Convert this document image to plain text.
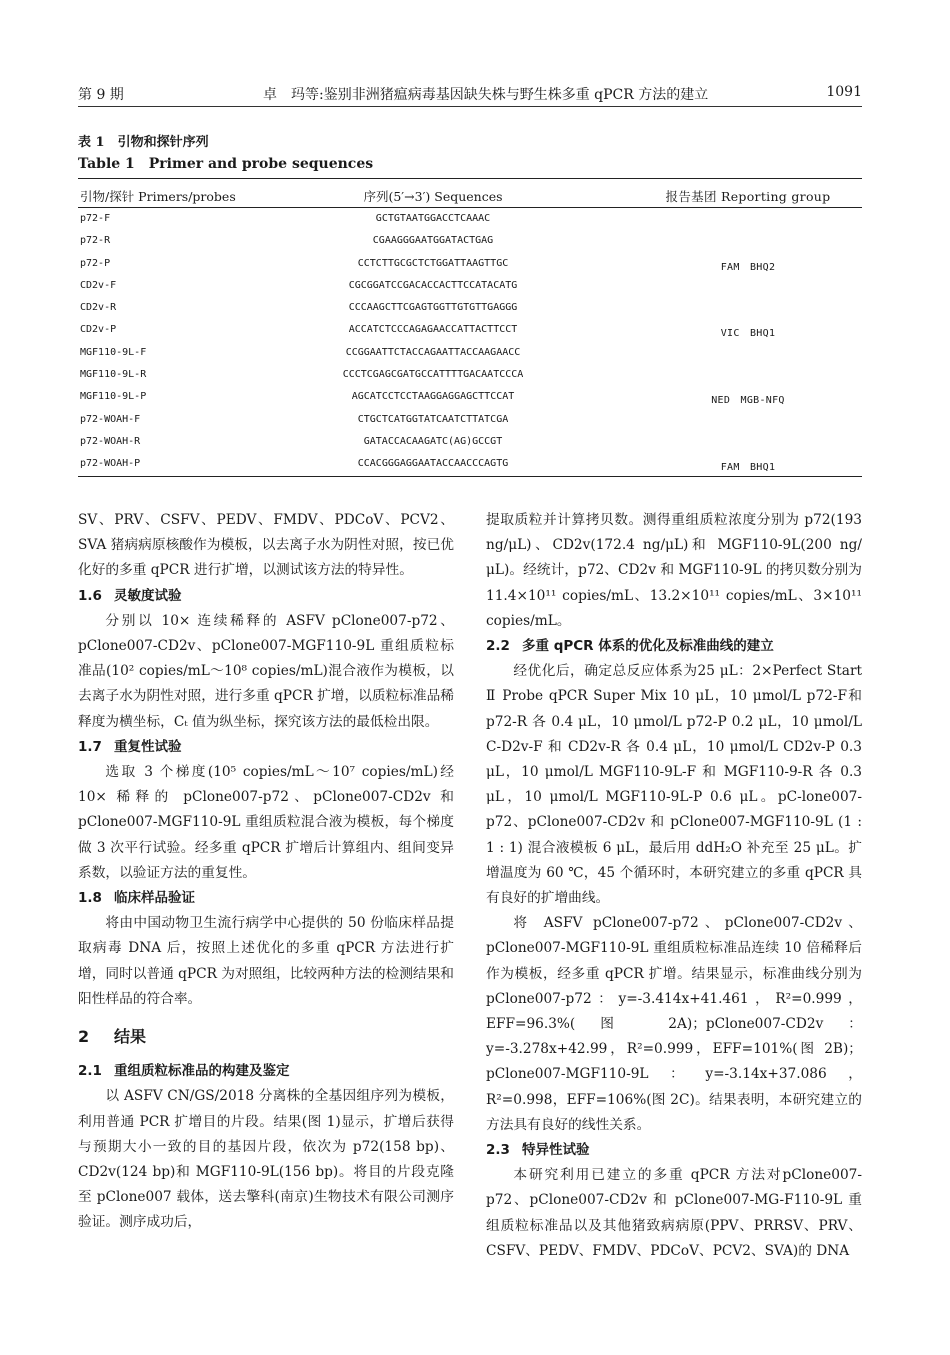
第 9 期	卓　玛等:鉴别非洲猪瘟病毒基因缺失株与野生株多重 qPCR 方法的建立	1091
表 1　引物和探针序列
Table 1　Primer and probe sequences
引物/探针 Primers/probes	序列(5′→3′) Sequences	报告基团 Reporting group
p72-F	GCTGTAATGGACCTCAAAC
p72-R	CGAAGGGAATGGATACTGAG
p72-P	CCTCTTGCGCTCTGGATTAAGTTGC	FAM　BHQ2
CD2v-F	CGCGGATCCGACACCACTTCCATACATG
CD2v-R	CCCAAGCTTCGAGTGGTTGTGTTGAGGG
CD2v-P	ACCATCTCCCAGAGAACCATTACTTCCT	VIC　BHQ1
MGF110-9L-F	CCGGAATTCTACCAGAATTACCAAGAACC
MGF110-9L-R	CCCTCGAGCGATGCCATTTTGACAATCCCA
MGF110-9L-P	AGCATCCTCCTAAGGAGGAGCTTCCAT	NED　MGB-NFQ
p72-WOAH-F	CTGCTCATGGTATCAATCTTATCGA
p72-WOAH-R	GATACCACAAGATC(AG)GCCGT
p72-WOAH-P	CCACGGGAGGAATACCAACCCAGTG	FAM　BHQ1

SV、PRV、CSFV、PEDV、FMDV、PDCoV、PCV2、SVA 猪病病原核酸作为模板，以去离子水为阴性对照，按已优化好的多重 qPCR 进行扩增，以测试该方法的特异性。

1.6 灵敏度试验

分别以 10× 连续稀释的 ASFV pClone007-p72、pClone007-CD2v、pClone007-MGF110-9L 重组质粒标准品(10² copies/mL～10⁸ copies/mL)混合液作为模板，以去离子水为阴性对照，进行多重 qPCR 扩增，以质粒标准品稀释度为横坐标，Cₜ 值为纵坐标，探究该方法的最低检出限。

1.7 重复性试验

选取 3 个梯度(10⁵ copies/mL～10⁷ copies/mL)经 10× 稀释的 pClone007-p72、pClone007-CD2v 和 pClone007-MGF110-9L 重组质粒混合液为模板，每个梯度做 3 次平行试验。经多重 qPCR 扩增后计算组内、组间变异系数，以验证方法的重复性。

1.8 临床样品验证

将由中国动物卫生流行病学中心提供的 50 份临床样品提取病毒 DNA 后，按照上述优化的多重 qPCR 方法进行扩增，同时以普通 qPCR 为对照组，比较两种方法的检测结果和阳性样品的符合率。

2 结果
2.1 重组质粒标准品的构建及鉴定

以 ASFV CN/GS/2018 分离株的全基因组序列为模板，利用普通 PCR 扩增目的片段。结果(图 1)显示，扩增后获得与预期大小一致的目的基因片段，依次为 p72(158 bp)、CD2v(124 bp)和 MGF110-9L(156 bp)。将目的片段克隆至 pClone007 载体，送去擎科(南京)生物技术有限公司测序验证。测序成功后，

提取质粒并计算拷贝数。测得重组质粒浓度分别为 p72(193 ng/μL)、CD2v(172.4 ng/μL)和 MGF110-9L(200 ng/μL)。经统计，p72、CD2v 和 MGF110-9L 的拷贝数分别为 11.4×10¹¹ copies/mL、13.2×10¹¹ copies/mL、3×10¹¹ copies/mL。

2.2 多重 qPCR 体系的优化及标准曲线的建立

经优化后，确定总反应体系为25 μL：2×Perfect Start Ⅱ Probe qPCR Super Mix 10 μL，10 μmol/L p72-F和p72-R 各 0.4 μL，10 μmol/L p72-P 0.2 μL，10 μmol/L C-D2v-F 和 CD2v-R 各 0.4 μL，10 μmol/L CD2v-P 0.3 μL，10 μmol/L MGF110-9L-F 和 MGF110-9-R 各 0.3 μL，10 μmol/L MGF110-9L-P 0.6 μL。pC-lone007-p72、pClone007-CD2v 和 pClone007-MGF110-9L (1 : 1 : 1) 混合液模板 6 μL，最后用 ddH₂O 补充至 25 μL。扩增温度为 60 ℃，45 个循环时，本研究建立的多重 qPCR 具有良好的扩增曲线。

将 ASFV pClone007-p72、pClone007-CD2v、pClone007-MGF110-9L 重组质粒标准品连续 10 倍稀释后作为模板，经多重 qPCR 扩增。结果显示，标准曲线分别为 pClone007-p72：y=-3.414x+41.461，R²=0.999，EFF=96.3%(图 2A)；pClone007-CD2v：y=-3.278x+42.99，R²=0.999，EFF=101%(图 2B)；pClone007-MGF110-9L：y=-3.14x+37.086，R²=0.998，EFF=106%(图 2C)。结果表明，本研究建立的方法具有良好的线性关系。

2.3 特异性试验

本研究利用已建立的多重 qPCR 方法对pClone007-p72、pClone007-CD2v 和 pClone007-MG-F110-9L 重组质粒标准品以及其他猪致病病原(PPV、PRRSV、PRV、CSFV、PEDV、FMDV、PDCoV、PCV2、SVA)的 DNA
